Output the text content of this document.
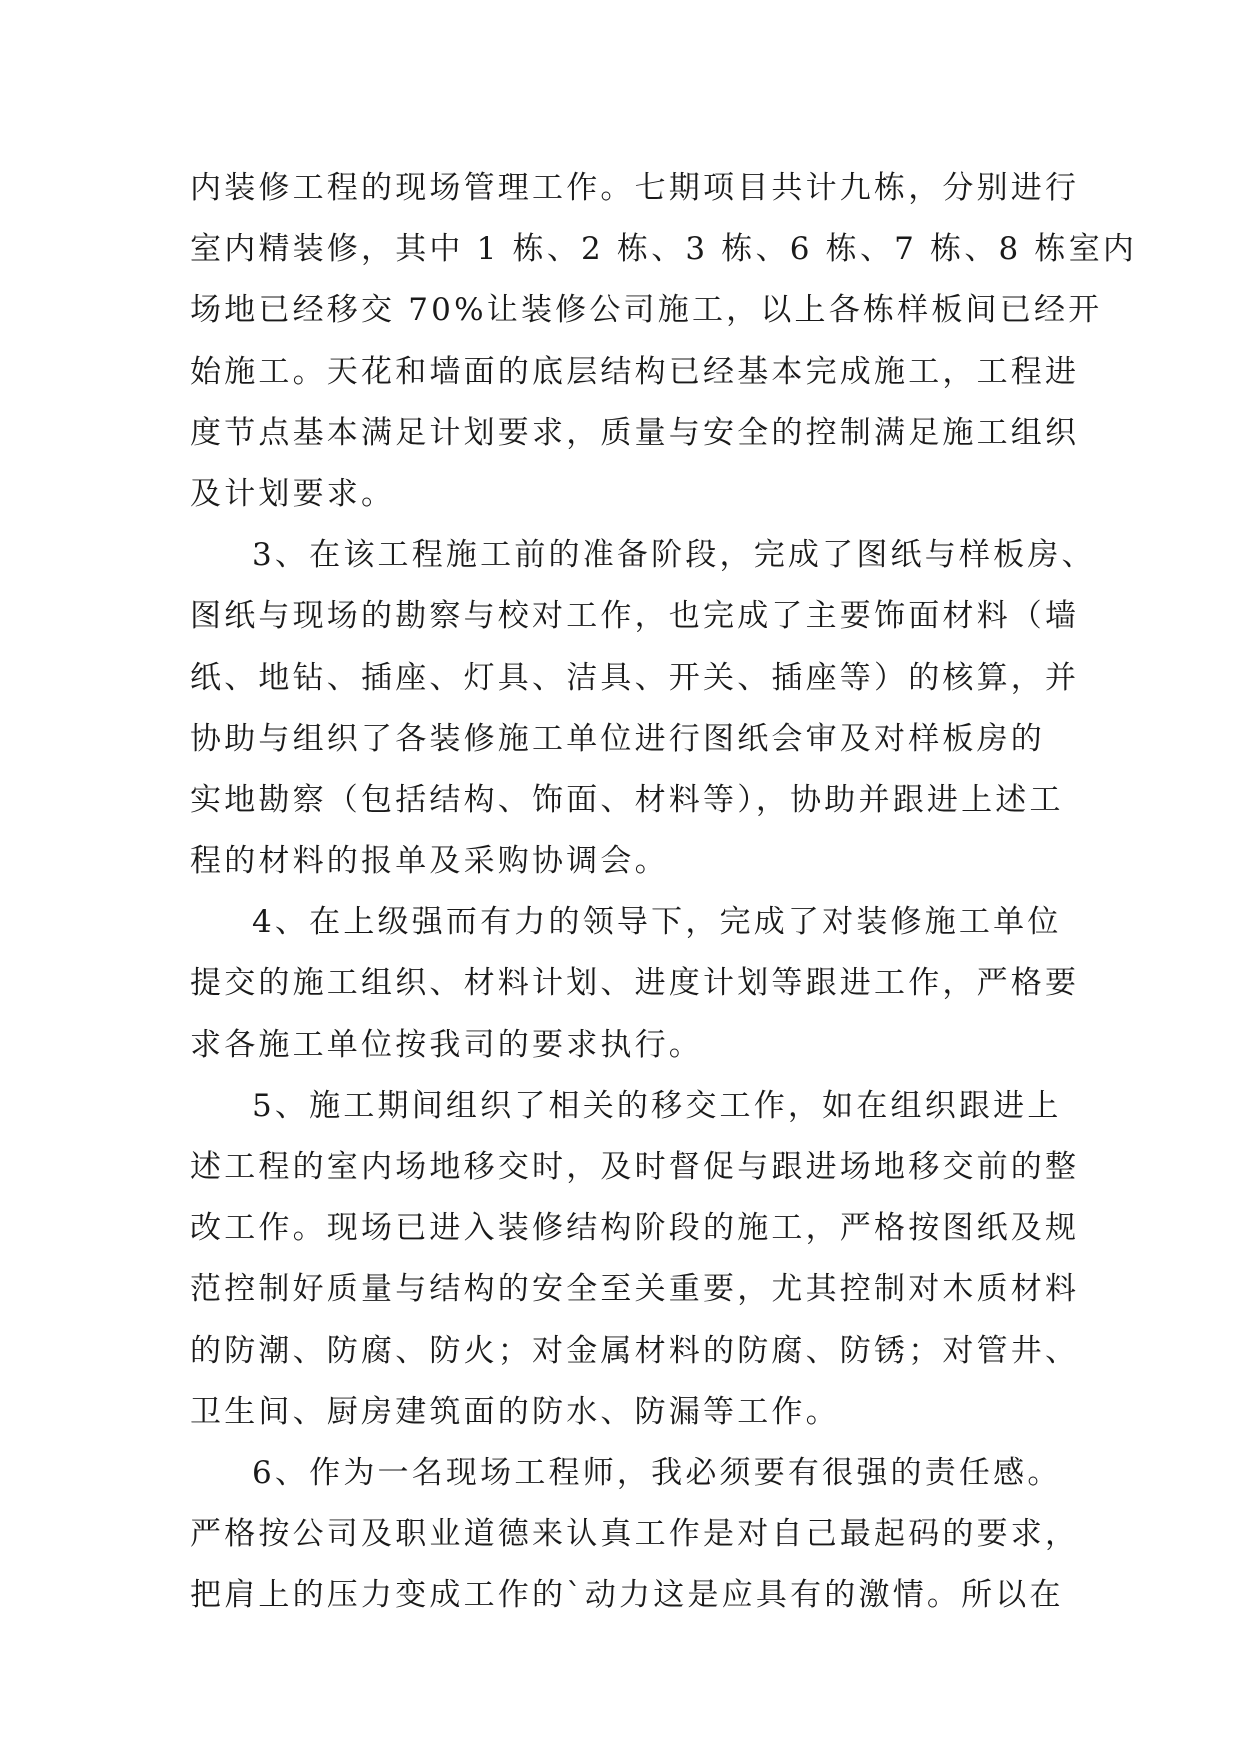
内装修工程的现场管理工作。七期项目共计九栋，分别进行
室内精装修，其中 1 栋、2 栋、3 栋、6 栋、7 栋、8 栋室内
场地已经移交 70%让装修公司施工，以上各栋样板间已经开
始施工。天花和墙面的底层结构已经基本完成施工，工程进
度节点基本满足计划要求，质量与安全的控制满足施工组织
及计划要求。
3、在该工程施工前的准备阶段，完成了图纸与样板房、
图纸与现场的勘察与校对工作，也完成了主要饰面材料（墙
纸、地钻、插座、灯具、洁具、开关、插座等）的核算，并
协助与组织了各装修施工单位进行图纸会审及对样板房的
实地勘察（包括结构、饰面、材料等），协助并跟进上述工
程的材料的报单及采购协调会。
4、在上级强而有力的领导下，完成了对装修施工单位
提交的施工组织、材料计划、进度计划等跟进工作，严格要
求各施工单位按我司的要求执行。
5、施工期间组织了相关的移交工作，如在组织跟进上
述工程的室内场地移交时，及时督促与跟进场地移交前的整
改工作。现场已进入装修结构阶段的施工，严格按图纸及规
范控制好质量与结构的安全至关重要，尤其控制对木质材料
的防潮、防腐、防火；对金属材料的防腐、防锈；对管井、
卫生间、厨房建筑面的防水、防漏等工作。
6、作为一名现场工程师，我必须要有很强的责任感。
严格按公司及职业道德来认真工作是对自己最起码的要求，
把肩上的压力变成工作的`动力这是应具有的激情。所以在
